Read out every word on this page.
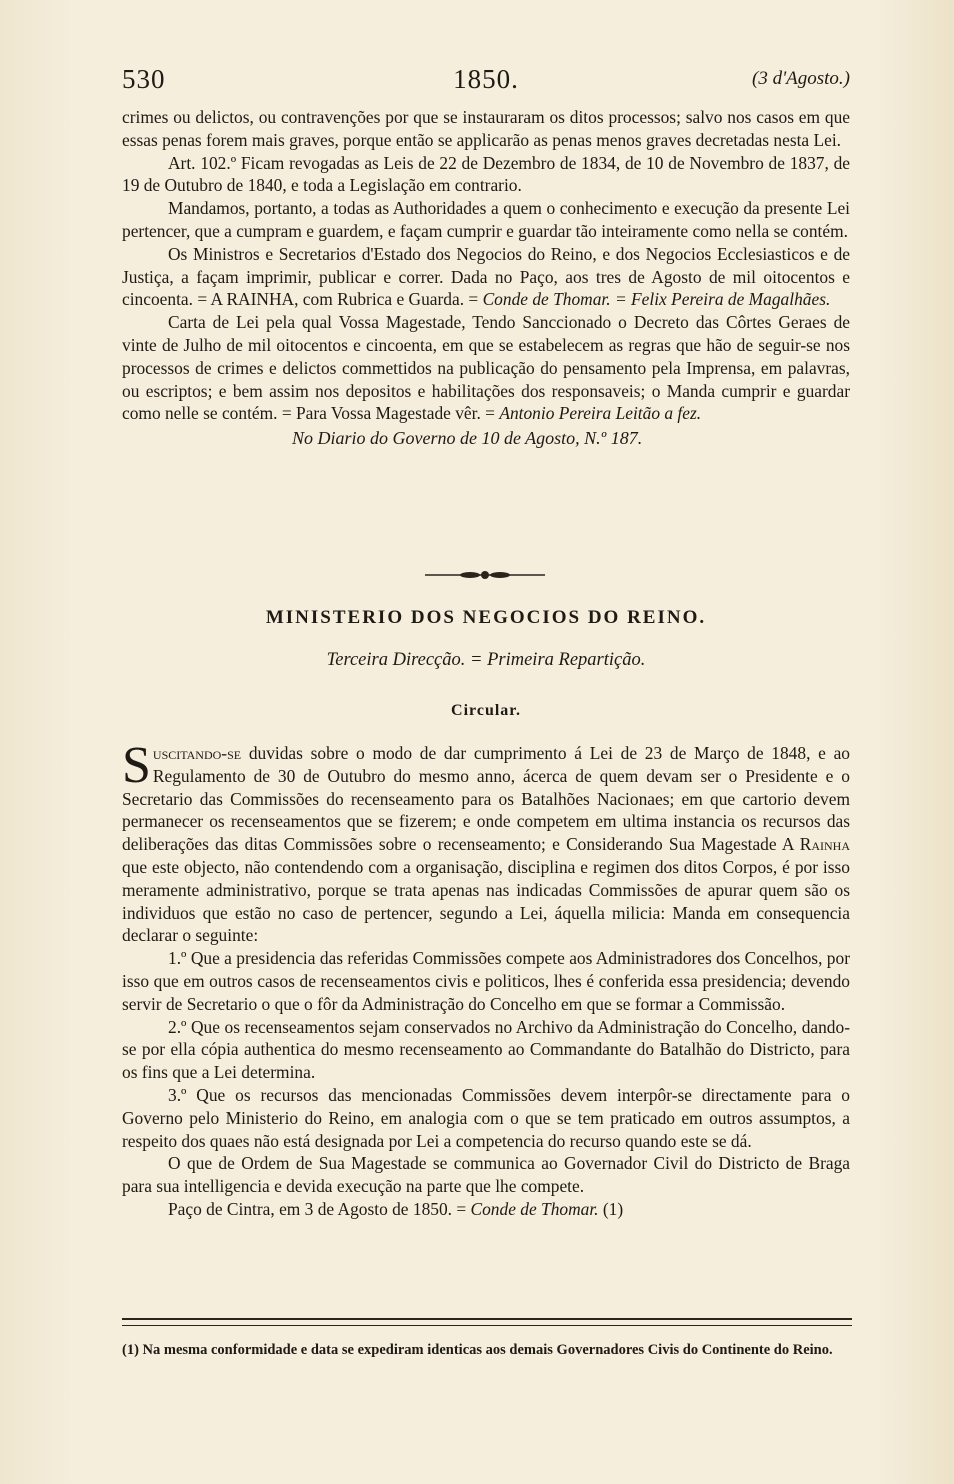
530	1850.	(3 d'Agosto.)

crimes ou delictos, ou contravenções por que se instauraram os ditos processos; salvo nos casos em que essas penas forem mais graves, porque então se applicarão as penas menos graves decretadas nesta Lei.

Art. 102.º Ficam revogadas as Leis de 22 de Dezembro de 1834, de 10 de Novembro de 1837, de 19 de Outubro de 1840, e toda a Legislação em contrario.

Mandamos, portanto, a todas as Authoridades a quem o conhecimento e execução da presente Lei pertencer, que a cumpram e guardem, e façam cumprir e guardar tão inteiramente como nella se contém.

Os Ministros e Secretarios d'Estado dos Negocios do Reino, e dos Negocios Ecclesiasticos e de Justiça, a façam imprimir, publicar e correr. Dada no Paço, aos tres de Agosto de mil oitocentos e cincoenta. = A RAINHA, com Rubrica e Guarda. = Conde de Thomar. = Felix Pereira de Magalhães.

Carta de Lei pela qual Vossa Magestade, Tendo Sanccionado o Decreto das Côrtes Geraes de vinte de Julho de mil oitocentos e cincoenta, em que se estabelecem as regras que hão de seguir-se nos processos de crimes e delictos commettidos na publicação do pensamento pela Imprensa, em palavras, ou escriptos; e bem assim nos depositos e habilitações dos responsaveis; o Manda cumprir e guardar como nelle se contém. = Para Vossa Magestade vêr. = Antonio Pereira Leitão a fez.

No Diario do Governo de 10 de Agosto, N.º 187.

MINISTERIO DOS NEGOCIOS DO REINO.
Terceira Direcção. = Primeira Repartição.
Circular.

Suscitando-se duvidas sobre o modo de dar cumprimento á Lei de 23 de Março de 1848, e ao Regulamento de 30 de Outubro do mesmo anno, ácerca de quem devam ser o Presidente e o Secretario das Commissões do recenseamento para os Batalhões Nacionaes; em que cartorio devem permanecer os recenseamentos que se fizerem; e onde competem em ultima instancia os recursos das deliberações das ditas Commissões sobre o recenseamento; e Considerando Sua Magestade A Rainha que este objecto, não contendendo com a organisação, disciplina e regimen dos ditos Corpos, é por isso meramente administrativo, porque se trata apenas nas indicadas Commissões de apurar quem são os individuos que estão no caso de pertencer, segundo a Lei, áquella milicia: Manda em consequencia declarar o seguinte:

1.º Que a presidencia das referidas Commissões compete aos Administradores dos Concelhos, por isso que em outros casos de recenseamentos civis e politicos, lhes é conferida essa presidencia; devendo servir de Secretario o que o fôr da Administração do Concelho em que se formar a Commissão.

2.º Que os recenseamentos sejam conservados no Archivo da Administração do Concelho, dando-se por ella cópia authentica do mesmo recenseamento ao Commandante do Batalhão do Districto, para os fins que a Lei determina.

3.º Que os recursos das mencionadas Commissões devem interpôr-se directamente para o Governo pelo Ministerio do Reino, em analogia com o que se tem praticado em outros assumptos, a respeito dos quaes não está designada por Lei a competencia do recurso quando este se dá.

O que de Ordem de Sua Magestade se communica ao Governador Civil do Districto de Braga para sua intelligencia e devida execução na parte que lhe compete.

Paço de Cintra, em 3 de Agosto de 1850. = Conde de Thomar. (1)

(1) Na mesma conformidade e data se expediram identicas aos demais Governadores Civis do Continente do Reino.
